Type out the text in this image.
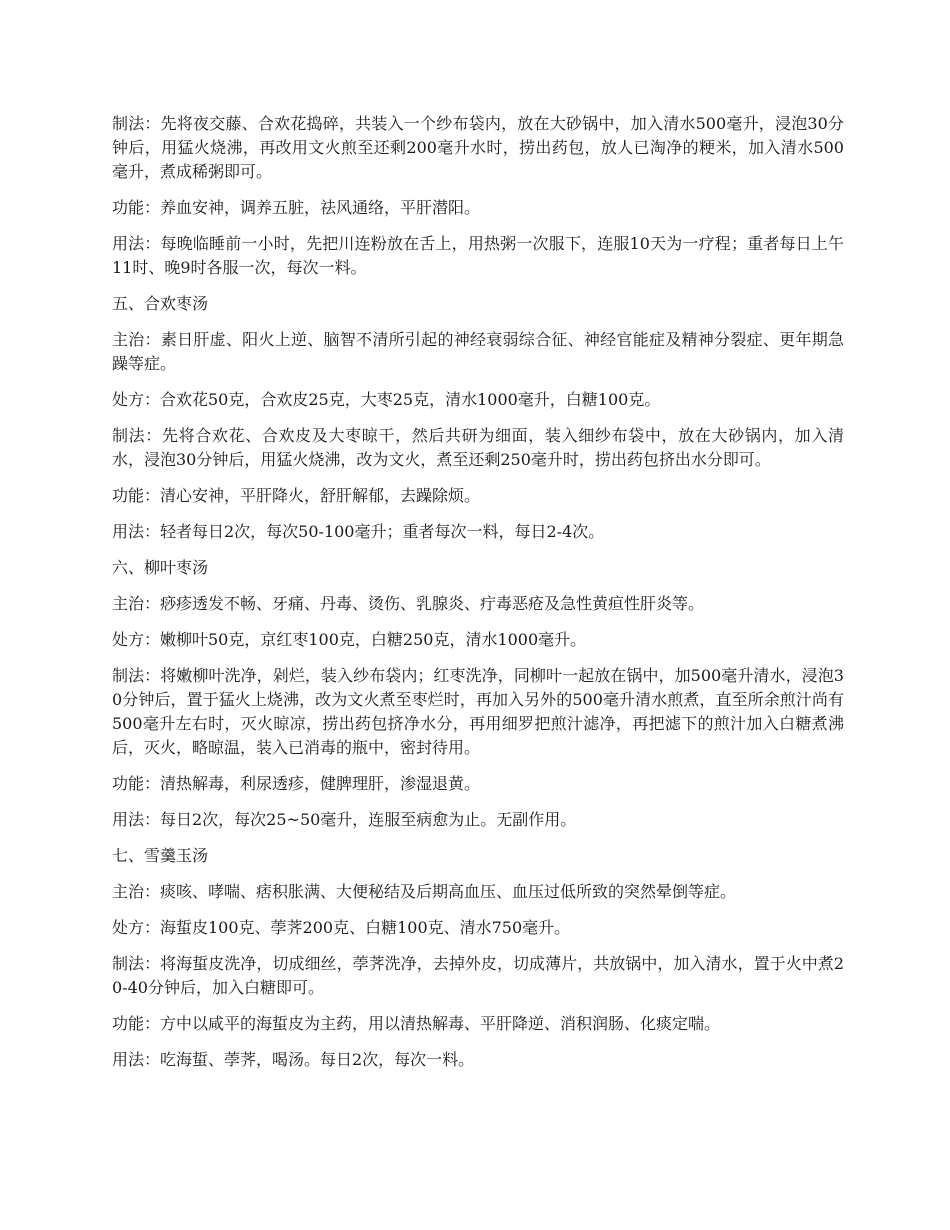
制法：先将夜交藤、合欢花捣碎，共装入一个纱布袋内，放在大砂锅中，加入清水500毫升，浸泡30分钟后，用猛火烧沸，再改用文火煎至还剩200毫升水时，捞出药包，放人已淘净的粳米，加入清水500毫升，煮成稀粥即可。

功能：养血安神，调养五脏，祛风通络，平肝潜阳。

用法：每晚临睡前一小时，先把川连粉放在舌上，用热粥一次服下，连服10天为一疗程；重者每日上午11时、晚9时各服一次，每次一料。

五、合欢枣汤

主治：素日肝虚、阳火上逆、脑智不清所引起的神经衰弱综合征、神经官能症及精神分裂症、更年期急躁等症。

处方：合欢花50克，合欢皮25克，大枣25克，清水1000毫升，白糖100克。

制法：先将合欢花、合欢皮及大枣晾干，然后共研为细面，装入细纱布袋中，放在大砂锅内，加入清水，浸泡30分钟后，用猛火烧沸，改为文火，煮至还剩250毫升时，捞出药包挤出水分即可。

功能：清心安神，平肝降火，舒肝解郁，去躁除烦。

用法：轻者每日2次，每次50-100毫升；重者每次一料，每日2-4次。

六、柳叶枣汤

主治：痧疹透发不畅、牙痛、丹毒、烫伤、乳腺炎、疔毒恶疮及急性黄疸性肝炎等。

处方：嫩柳叶50克，京红枣100克，白糖250克，清水1000毫升。

制法：将嫩柳叶洗净，剁烂，装入纱布袋内；红枣洗净，同柳叶一起放在锅中，加500毫升清水，浸泡30分钟后，置于猛火上烧沸，改为文火煮至枣烂时，再加入另外的500毫升清水煎煮，直至所余煎汁尚有500毫升左右时，灭火晾凉，捞出药包挤净水分，再用细罗把煎汁滤净，再把滤下的煎汁加入白糖煮沸后，灭火，略晾温，装入已消毒的瓶中，密封待用。

功能：清热解毒，利尿透疹，健脾理肝，渗湿退黄。

用法：每日2次，每次25~50毫升，连服至病愈为止。无副作用。

七、雪羹玉汤

主治：痰咳、哮喘、痞积胀满、大便秘结及后期高血压、血压过低所致的突然晕倒等症。

处方：海蜇皮100克、荸荠200克、白糖100克、清水750毫升。

制法：将海蜇皮洗净，切成细丝，荸荠洗净，去掉外皮，切成薄片，共放锅中，加入清水，置于火中煮20-40分钟后，加入白糖即可。

功能：方中以咸平的海蜇皮为主药，用以清热解毒、平肝降逆、消积润肠、化痰定喘。

用法：吃海蜇、荸荠，喝汤。每日2次，每次一料。
